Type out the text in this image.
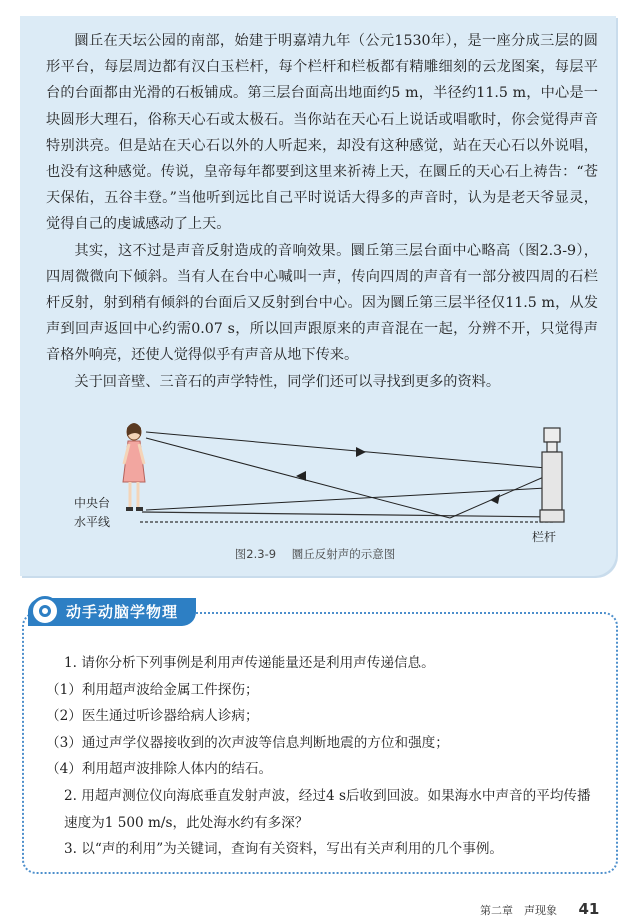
圜丘在天坛公园的南部，始建于明嘉靖九年（公元1530年），是一座分成三层的圆形平台，每层周边都有汉白玉栏杆，每个栏杆和栏板都有精雕细刻的云龙图案，每层平台的台面都由光滑的石板铺成。第三层台面高出地面约5 m，半径约11.5 m，中心是一块圆形大理石，俗称天心石或太极石。当你站在天心石上说话或唱歌时，你会觉得声音特别洪亮。但是站在天心石以外的人听起来，却没有这种感觉，站在天心石以外说唱，也没有这种感觉。传说，皇帝每年都要到这里来祈祷上天，在圜丘的天心石上祷告：“苍天保佑，五谷丰登。”当他听到远比自己平时说话大得多的声音时，认为是老天爷显灵，觉得自己的虔诚感动了上天。

其实，这不过是声音反射造成的音响效果。圜丘第三层台面中心略高（图2.3-9），四周微微向下倾斜。当有人在台中心喊叫一声，传向四周的声音有一部分被四周的石栏杆反射，射到稍有倾斜的台面后又反射到台中心。因为圜丘第三层半径仅11.5 m，从发声到回声返回中心约需0.07 s，所以回声跟原来的声音混在一起，分辨不开，只觉得声音格外响亮，还使人觉得似乎有声音从地下传来。

关于回音壁、三音石的声学特性，同学们还可以寻找到更多的资料。

中央台
水平线
栏杆
图2.3-9 圜丘反射声的示意图
动手动脑学物理
1. 请你分析下列事例是利用声传递能量还是利用声传递信息。
（1）利用超声波给金属工件探伤；
（2）医生通过听诊器给病人诊病；
（3）通过声学仪器接收到的次声波等信息判断地震的方位和强度；
（4）利用超声波排除人体内的结石。
2. 用超声测位仪向海底垂直发射声波，经过4 s后收到回波。如果海水中声音的平均传播速度为1 500 m/s，此处海水约有多深？
3. 以“声的利用”为关键词，查询有关资料，写出有关声利用的几个事例。
第二章　声现象 41
